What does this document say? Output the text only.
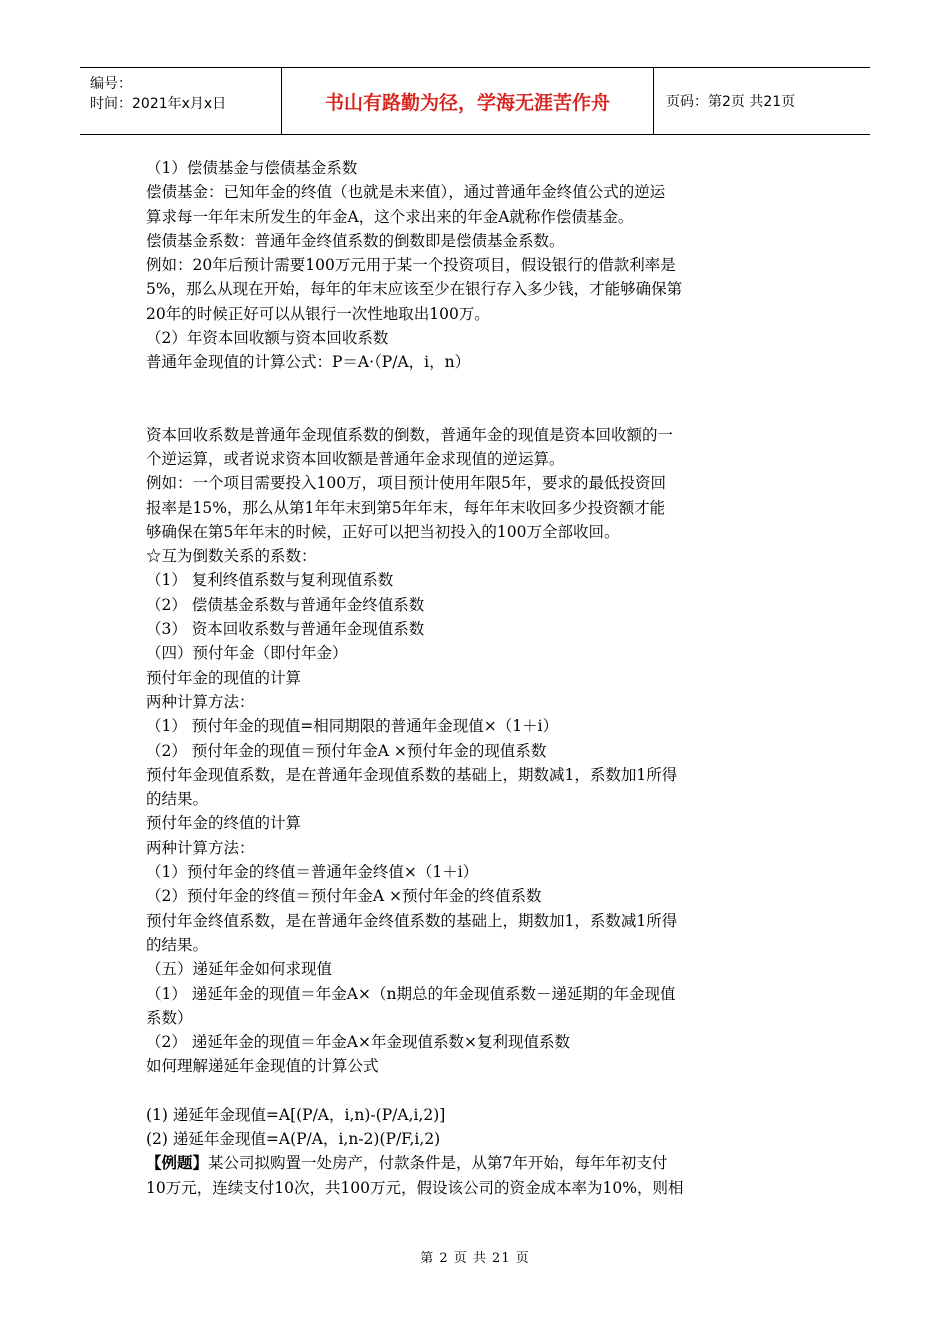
编号：
时间：2021年x月x日	书山有路勤为径，学海无涯苦作舟	页码：第2页 共21页

（1）偿债基金与偿债基金系数

偿债基金：已知年金的终值（也就是未来值），通过普通年金终值公式的逆运

算求每一年年末所发生的年金A，这个求出来的年金A就称作偿债基金。

偿债基金系数：普通年金终值系数的倒数即是偿债基金系数。

例如：20年后预计需要100万元用于某一个投资项目，假设银行的借款利率是

5%，那么从现在开始，每年的年末应该至少在银行存入多少钱，才能够确保第

20年的时候正好可以从银行一次性地取出100万。

（2）年资本回收额与资本回收系数

普通年金现值的计算公式：P＝A·（P/A，i，n）

资本回收系数是普通年金现值系数的倒数，普通年金的现值是资本回收额的一

个逆运算，或者说求资本回收额是普通年金求现值的逆运算。

例如：一个项目需要投入100万，项目预计使用年限5年，要求的最低投资回

报率是15%，那么从第1年年末到第5年年末，每年年末收回多少投资额才能

够确保在第5年年末的时候，正好可以把当初投入的100万全部收回。

☆互为倒数关系的系数：

（1） 复利终值系数与复利现值系数

（2） 偿债基金系数与普通年金终值系数

（3） 资本回收系数与普通年金现值系数

（四）预付年金（即付年金）

预付年金的现值的计算

两种计算方法：

（1） 预付年金的现值=相同期限的普通年金现值×（1＋i）

（2） 预付年金的现值＝预付年金A ×预付年金的现值系数

预付年金现值系数，是在普通年金现值系数的基础上，期数减1，系数加1所得

的结果。

预付年金的终值的计算

两种计算方法：

（1）预付年金的终值＝普通年金终值×（1＋i）

（2）预付年金的终值＝预付年金A ×预付年金的终值系数

预付年金终值系数，是在普通年金终值系数的基础上，期数加1，系数减1所得

的结果。

（五）递延年金如何求现值

（1） 递延年金的现值＝年金A×（n期总的年金现值系数－递延期的年金现值

系数）

（2） 递延年金的现值＝年金A×年金现值系数×复利现值系数

如何理解递延年金现值的计算公式

(1) 递延年金现值=A[(P/A，i,n)-(P/A,i,2)]

(2) 递延年金现值=A(P/A，i,n-2)(P/F,i,2)

【例题】某公司拟购置一处房产，付款条件是，从第7年开始，每年年初支付

10万元，连续支付10次，共100万元，假设该公司的资金成本率为10%，则相

第 2 页 共 21 页
